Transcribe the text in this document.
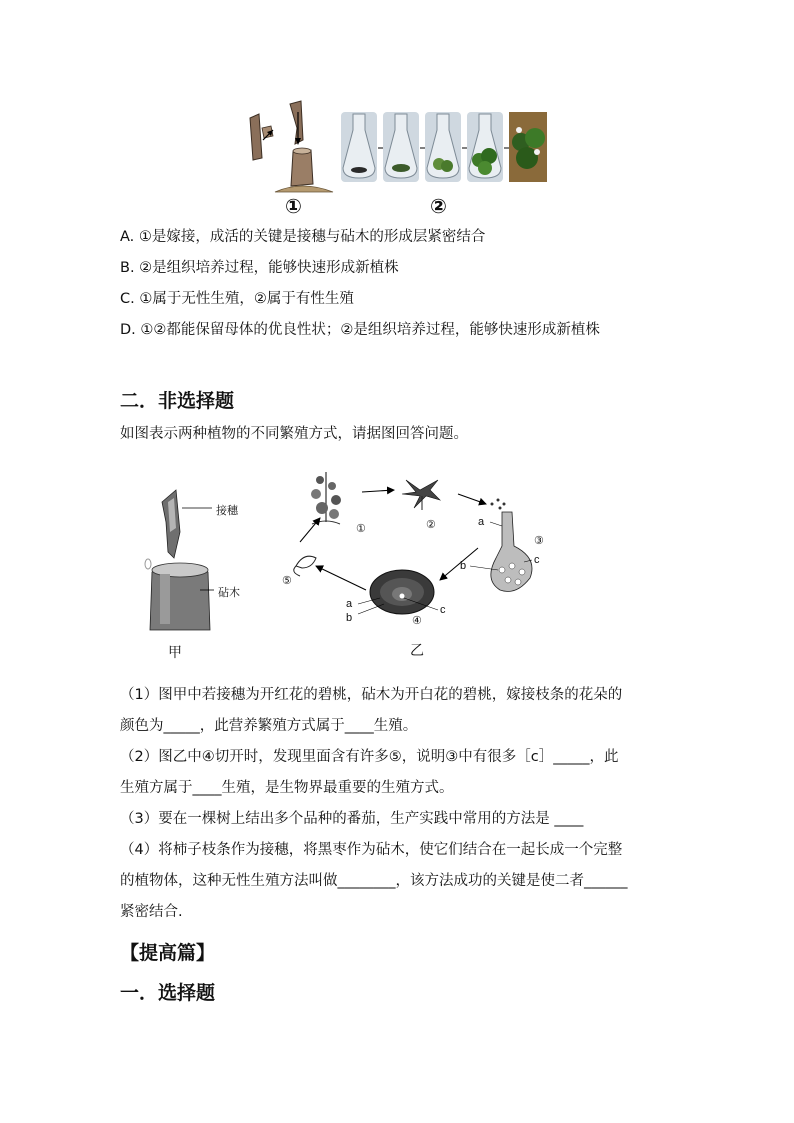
①	②
A. ①是嫁接，成活的关键是接穗与砧木的形成层紧密结合
B. ②是组织培养过程，能够快速形成新植株
C. ①属于无性生殖，②属于有性生殖
D. ①②都能保留母体的优良性状；②是组织培养过程，能够快速形成新植株
二．非选择题
如图表示两种植物的不同繁殖方式，请据图回答问题。
接穗
砧木
甲	乙
①	②
③
④
⑤
a
b	c
a
b
c
（1）图甲中若接穗为开红花的碧桃，砧木为开白花的碧桃，嫁接枝条的花朵的
颜色为_____，此营养繁殖方式属于____生殖。
（2）图乙中④切开时，发现里面含有许多⑤，说明③中有很多［c］_____，此
生殖方属于____生殖，是生物界最重要的生殖方式。
（3）要在一棵树上结出多个品种的番茄，生产实践中常用的方法是 ____
（4）将柿子枝条作为接穗，将黑枣作为砧木，使它们结合在一起长成一个完整
的植物体，这种无性生殖方法叫做________，该方法成功的关键是使二者______
紧密结合.
【提高篇】
一．选择题
